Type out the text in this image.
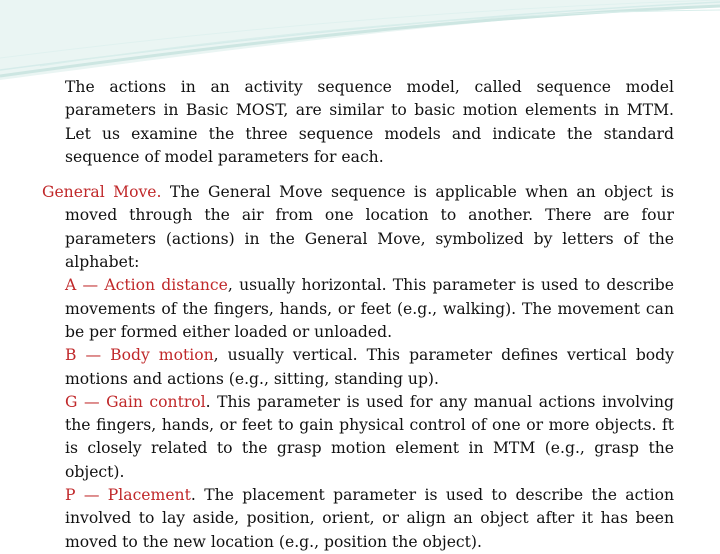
The actions in an activity sequence model, called sequence model parameters in Basic MOST, are similar to basic motion elements in MTM. Let us examine the three sequence models and indicate the standard sequence of model parameters for each.

General Move. The General Move sequence is applicable when an object is moved through the air from one location to another. There are four parameters (actions) in the General Move, symbolized by letters of the alphabet:

A — Action distance, usually horizontal. This parameter is used to describe movements of the fingers, hands, or feet (e.g., walking). The movement can be per formed either loaded or unloaded.

B — Body motion, usually vertical. This parameter defines vertical body motions and actions (e.g., sitting, standing up).

G — Gain control. This parameter is used for any manual actions involving the fingers, hands, or feet to gain physical control of one or more objects. ft is closely related to the grasp motion element in MTM (e.g., grasp the object).

P — Placement. The placement parameter is used to describe the action involved to lay aside, position, orient, or align an object after it has been moved to the new location (e.g., position the object).
